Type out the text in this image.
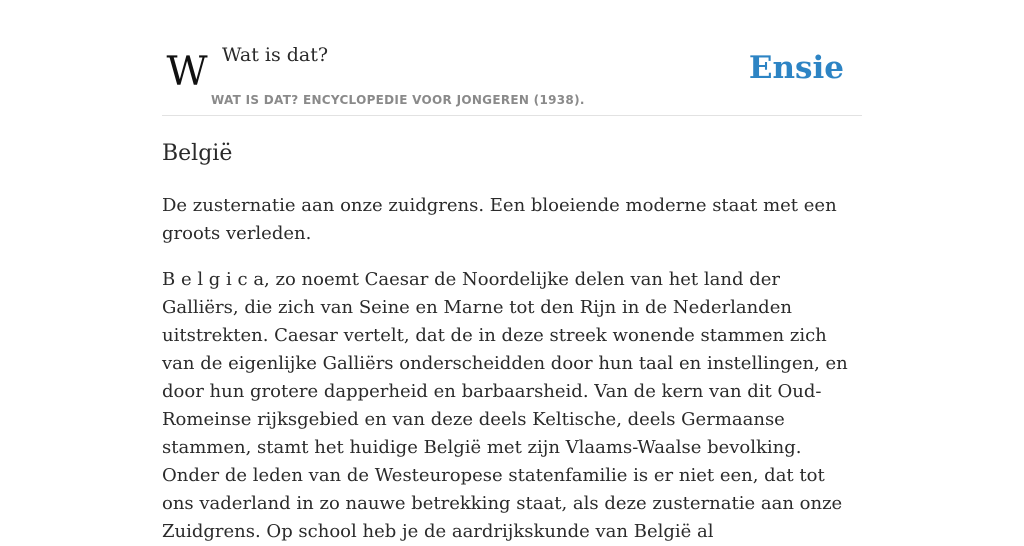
W Wat is dat?
WAT IS DAT? ENCYCLOPEDIE VOOR JONGEREN (1938).
Ensie
België

De zusternatie aan onze zuidgrens. Een bloeiende moderne staat met een groots verleden.

B e l g i c a, zo noemt Caesar de Noordelijke delen van het land der Galliërs, die zich van Seine en Marne tot den Rijn in de Nederlanden uitstrekten. Caesar vertelt, dat de in deze streek wonende stammen zich van de eigenlijke Galliërs onderscheidden door hun taal en instellingen, en door hun grotere dapperheid en barbaarsheid. Van de kern van dit Oud-Romeinse rijksgebied en van deze deels Keltische, deels Germaanse stammen, stamt het huidige België met zijn Vlaams-Waalse bevolking. Onder de leden van de Westeuropese statenfamilie is er niet een, dat tot ons vaderland in zo nauwe betrekking staat, als deze zusternatie aan onze Zuidgrens. Op school heb je de aardrijkskunde van België al
